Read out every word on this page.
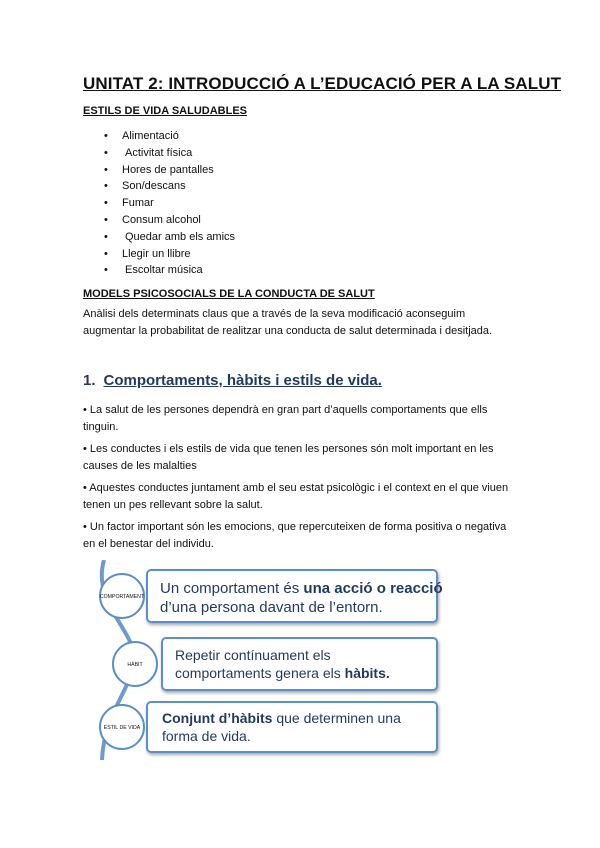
UNITAT 2: INTRODUCCIÓ A L’EDUCACIÓ PER A LA SALUT
ESTILS DE VIDA SALUDABLES
• Alimentació
• Activitat física
• Hores de pantalles
• Son/descans
• Fumar
• Consum alcohol
• Quedar amb els amics
• Llegir un llibre
• Escoltar música
MODELS PSICOSOCIALS DE LA CONDUCTA DE SALUT
Anàlisi dels determinats claus que a través de la seva modificació aconseguim augmentar la probabilitat de realitzar una conducta de salut determinada i desitjada.
1. Comportaments, hàbits i estils de vida.
• La salut de les persones dependrà en gran part d’aquells comportaments que ells tinguin.
• Les conductes i els estils de vida que tenen les persones són molt important en les causes de les malalties
• Aquestes conductes juntament amb el seu estat psicològic i el context en el que viuen tenen un pes rellevant sobre la salut.
• Un factor important són les emocions, que repercuteixen de forma positiva o negativa en el benestar del individu.
COMPORTAMENT Un comportament és una acció o reacció
d’una persona davant de l’entorn.
HÀBIT
Repetir contínuament els
comportaments genera els hàbits.
ESTIL DE VIDA
Conjunt d’hàbits que determinen una
forma de vida.
